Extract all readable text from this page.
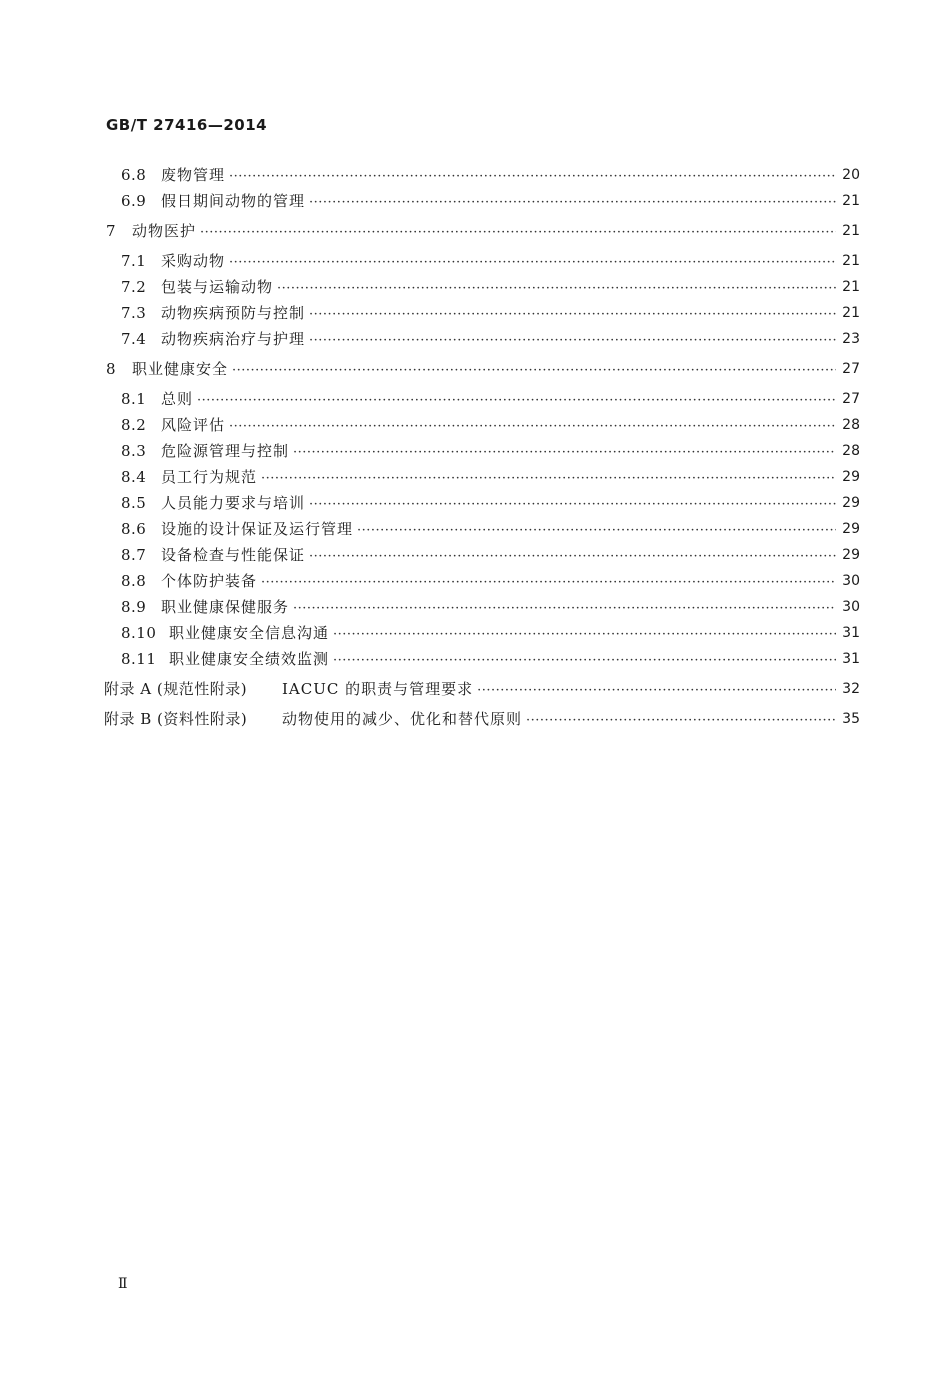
GB/T 27416—2014
6.8 废物管理 ·····	20
6.9 假日期间动物的管理 ·····	21
7	动物医护 ·····	21
7.1 采购动物 ·····	21
7.2 包装与运输动物 ·····	21
7.3 动物疾病预防与控制 ·····	21
7.4 动物疾病治疗与护理 ·····	23
8	职业健康安全 ·····	27
8.1 总则 ·····	27
8.2 风险评估 ·····	28
8.3 危险源管理与控制 ·····	28
8.4 员工行为规范 ·····	29
8.5 人员能力要求与培训 ·····	29
8.6 设施的设计保证及运行管理 ·····	29
8.7 设备检查与性能保证 ·····	29
8.8 个体防护装备 ·····	30
8.9 职业健康保健服务 ·····	30
8.10 职业健康安全信息沟通 ·····	31
8.11 职业健康安全绩效监测 ·····	31
附录 A (规范性附录)	IACUC 的职责与管理要求 ·····	32
附录 B (资料性附录)	动物使用的减少、优化和替代原则 ·····	35
Ⅱ
